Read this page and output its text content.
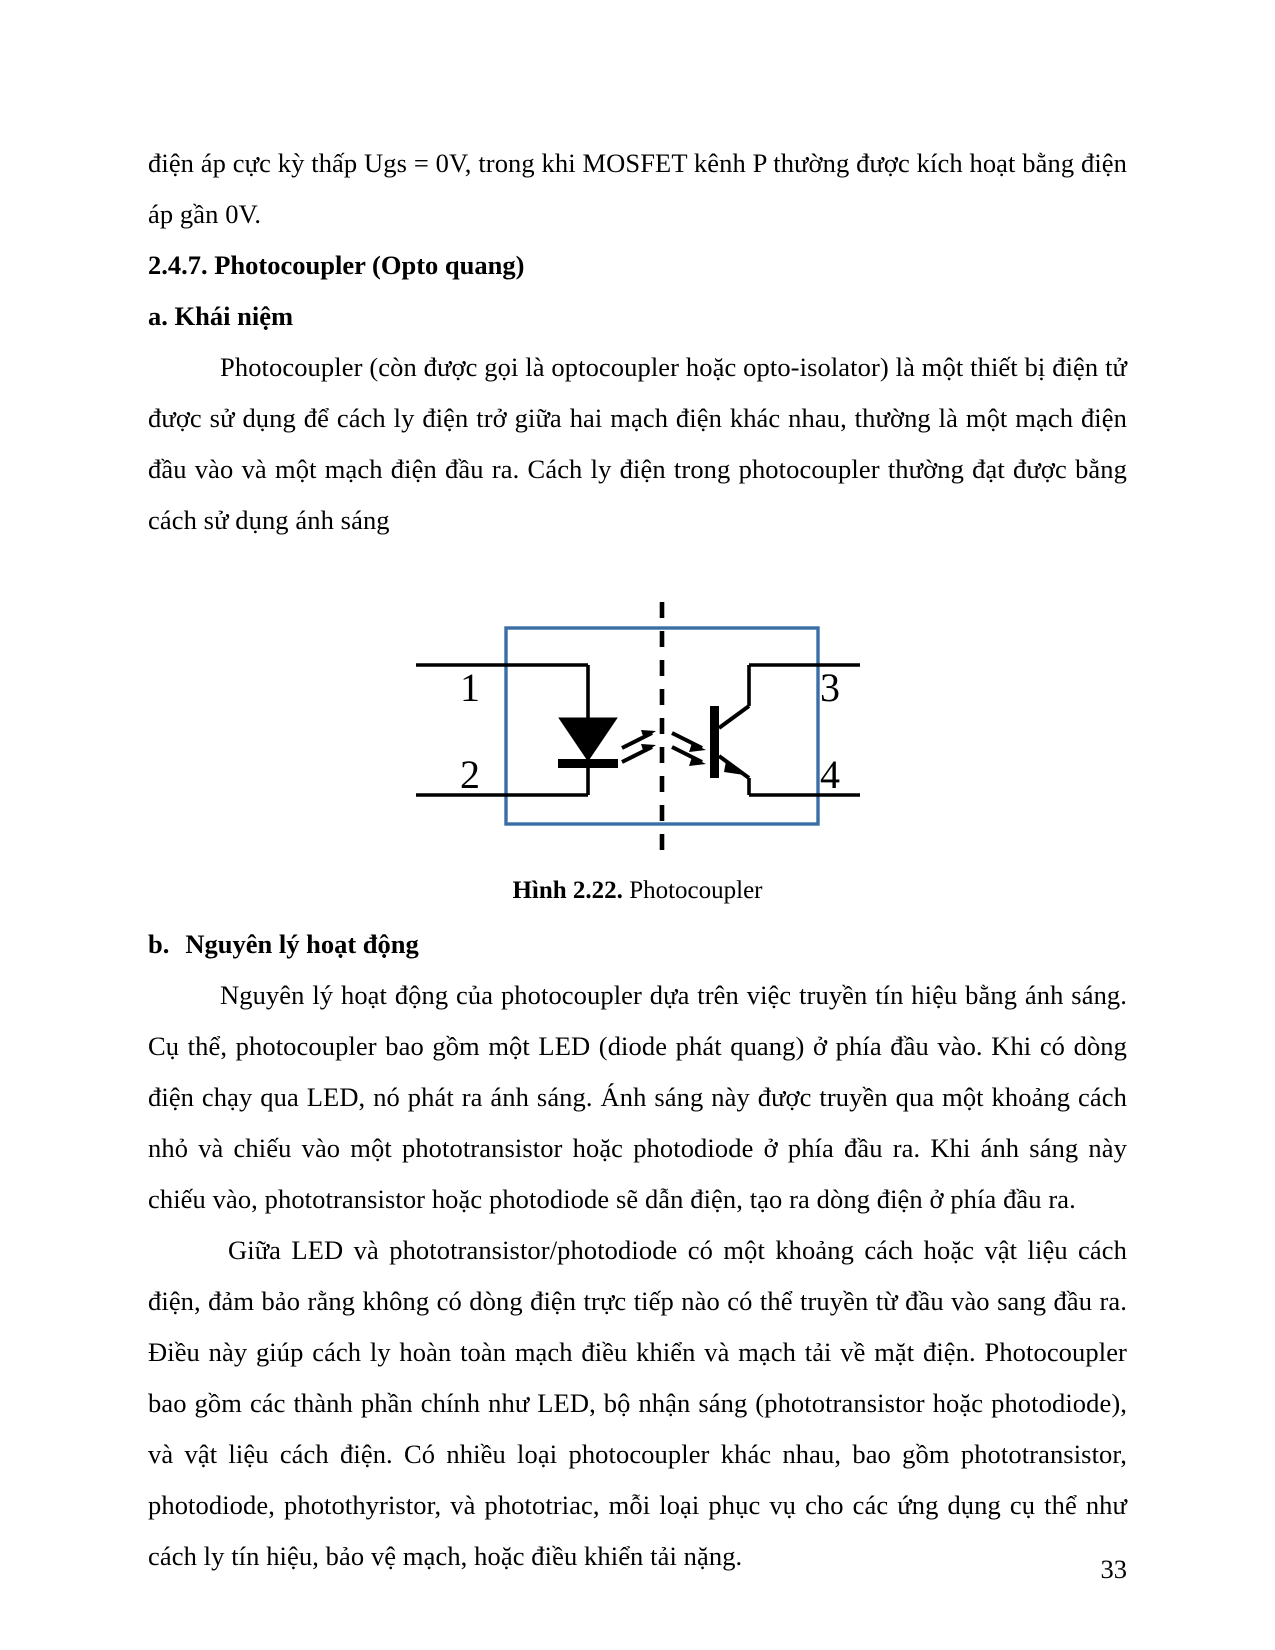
điện áp cực kỳ thấp Ugs = 0V, trong khi MOSFET kênh P thường được kích hoạt bằng điện áp gần 0V.

2.4.7. Photocoupler (Opto quang)

a. Khái niệm

Photocoupler (còn được gọi là optocoupler hoặc opto-isolator) là một thiết bị điện tử được sử dụng để cách ly điện trở giữa hai mạch điện khác nhau, thường là một mạch điện đầu vào và một mạch điện đầu ra. Cách ly điện trong photocoupler thường đạt được bằng cách sử dụng ánh sáng

1
2
3
4
Hình 2.22. Photocoupler

b. Nguyên lý hoạt động

Nguyên lý hoạt động của photocoupler dựa trên việc truyền tín hiệu bằng ánh sáng. Cụ thể, photocoupler bao gồm một LED (diode phát quang) ở phía đầu vào. Khi có dòng điện chạy qua LED, nó phát ra ánh sáng. Ánh sáng này được truyền qua một khoảng cách nhỏ và chiếu vào một phototransistor hoặc photodiode ở phía đầu ra. Khi ánh sáng này chiếu vào, phototransistor hoặc photodiode sẽ dẫn điện, tạo ra dòng điện ở phía đầu ra.

Giữa LED và phototransistor/photodiode có một khoảng cách hoặc vật liệu cách điện, đảm bảo rằng không có dòng điện trực tiếp nào có thể truyền từ đầu vào sang đầu ra. Điều này giúp cách ly hoàn toàn mạch điều khiển và mạch tải về mặt điện. Photocoupler bao gồm các thành phần chính như LED, bộ nhận sáng (phototransistor hoặc photodiode), và vật liệu cách điện. Có nhiều loại photocoupler khác nhau, bao gồm phototransistor, photodiode, photothyristor, và phototriac, mỗi loại phục vụ cho các ứng dụng cụ thể như cách ly tín hiệu, bảo vệ mạch, hoặc điều khiển tải nặng.	33
